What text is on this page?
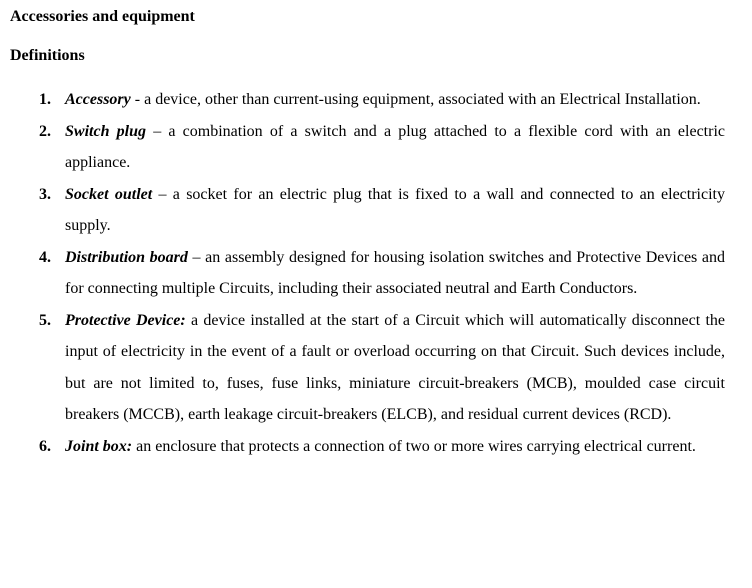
Accessories and equipment
Definitions
1. Accessory - a device, other than current-using equipment, associated with an Electrical Installation.
2. Switch plug – a combination of a switch and a plug attached to a flexible cord with an electric appliance.
3. Socket outlet – a socket for an electric plug that is fixed to a wall and connected to an electricity supply.
4. Distribution board – an assembly designed for housing isolation switches and Protective Devices and for connecting multiple Circuits, including their associated neutral and Earth Conductors.
5. Protective Device: a device installed at the start of a Circuit which will automatically disconnect the input of electricity in the event of a fault or overload occurring on that Circuit. Such devices include, but are not limited to, fuses, fuse links, miniature circuit-breakers (MCB), moulded case circuit breakers (MCCB), earth leakage circuit-breakers (ELCB), and residual current devices (RCD).
6. Joint box: an enclosure that protects a connection of two or more wires carrying electrical current.
